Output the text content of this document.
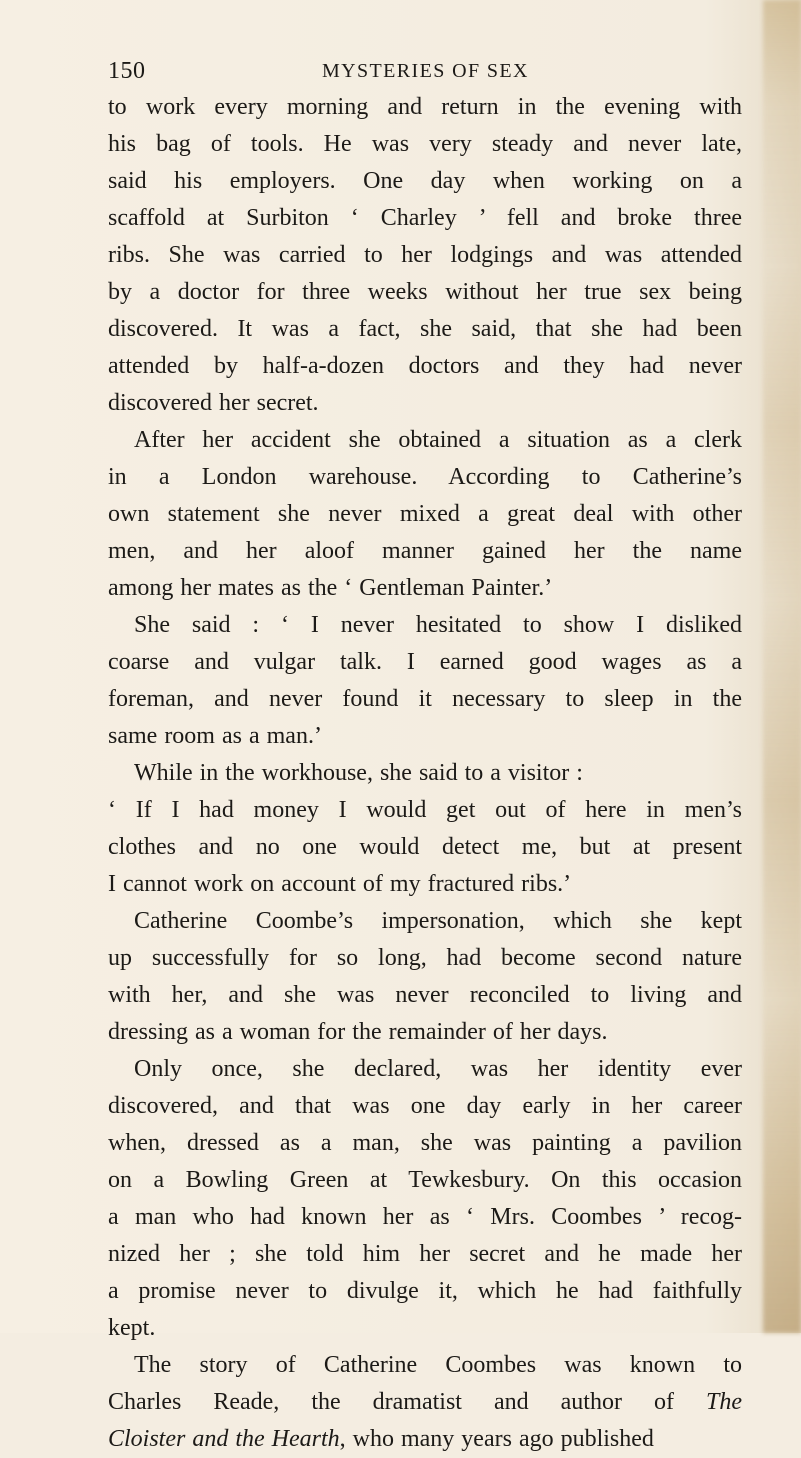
150	MYSTERIES OF SEX
to work every morning and return in the evening with
his bag of tools. He was very steady and never late,
said his employers. One day when working on a
scaffold at Surbiton ‘ Charley ’ fell and broke three
ribs. She was carried to her lodgings and was attended
by a doctor for three weeks without her true sex being
discovered. It was a fact, she said, that she had been
attended by half-a-dozen doctors and they had never
discovered her secret.
After her accident she obtained a situation as a clerk
in a London warehouse. According to Catherine’s
own statement she never mixed a great deal with other
men, and her aloof manner gained her the name
among her mates as the ‘ Gentleman Painter.’
She said : ‘ I never hesitated to show I disliked
coarse and vulgar talk. I earned good wages as a
foreman, and never found it necessary to sleep in the
same room as a man.’
While in the workhouse, she said to a visitor :
‘ If I had money I would get out of here in men’s
clothes and no one would detect me, but at present
I cannot work on account of my fractured ribs.’
Catherine Coombe’s impersonation, which she kept
up successfully for so long, had become second nature
with her, and she was never reconciled to living and
dressing as a woman for the remainder of her days.
Only once, she declared, was her identity ever
discovered, and that was one day early in her career
when, dressed as a man, she was painting a pavilion
on a Bowling Green at Tewkesbury. On this occasion
a man who had known her as ‘ Mrs. Coombes ’ recog-
nized her ; she told him her secret and he made her
a promise never to divulge it, which he had faithfully
kept.
The story of Catherine Coombes was known to
Charles Reade, the dramatist and author of The
Cloister and the Hearth, who many years ago published
